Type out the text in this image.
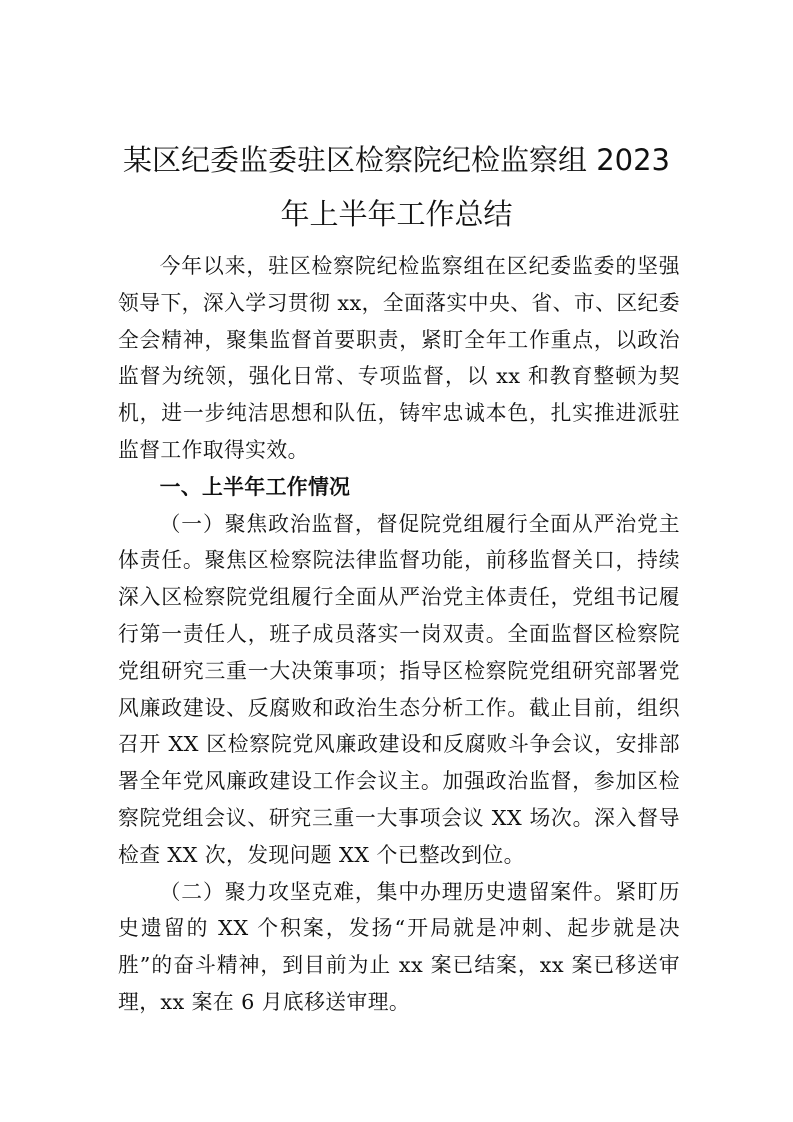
某区纪委监委驻区检察院纪检监察组 2023
年上半年工作总结

今年以来，驻区检察院纪检监察组在区纪委监委的坚强领导下，深入学习贯彻 xx，全面落实中央、省、市、区纪委全会精神，聚集监督首要职责，紧盯全年工作重点，以政治监督为统领，强化日常、专项监督，以 xx 和教育整顿为契机，进一步纯洁思想和队伍，铸牢忠诚本色，扎实推进派驻监督工作取得实效。

一、上半年工作情况

（一）聚焦政治监督，督促院党组履行全面从严治党主体责任。聚焦区检察院法律监督功能，前移监督关口，持续深入区检察院党组履行全面从严治党主体责任，党组书记履行第一责任人，班子成员落实一岗双责。全面监督区检察院党组研究三重一大决策事项；指导区检察院党组研究部署党风廉政建设、反腐败和政治生态分析工作。截止目前，组织召开 XX 区检察院党风廉政建设和反腐败斗争会议，安排部署全年党风廉政建设工作会议主。加强政治监督，参加区检察院党组会议、研究三重一大事项会议 XX 场次。深入督导检查 XX 次，发现问题 XX 个已整改到位。

（二）聚力攻坚克难，集中办理历史遗留案件。紧盯历史遗留的 XX 个积案，发扬“开局就是冲刺、起步就是决胜”的奋斗精神，到目前为止 xx 案已结案，xx 案已移送审理，xx 案在 6 月底移送审理。
